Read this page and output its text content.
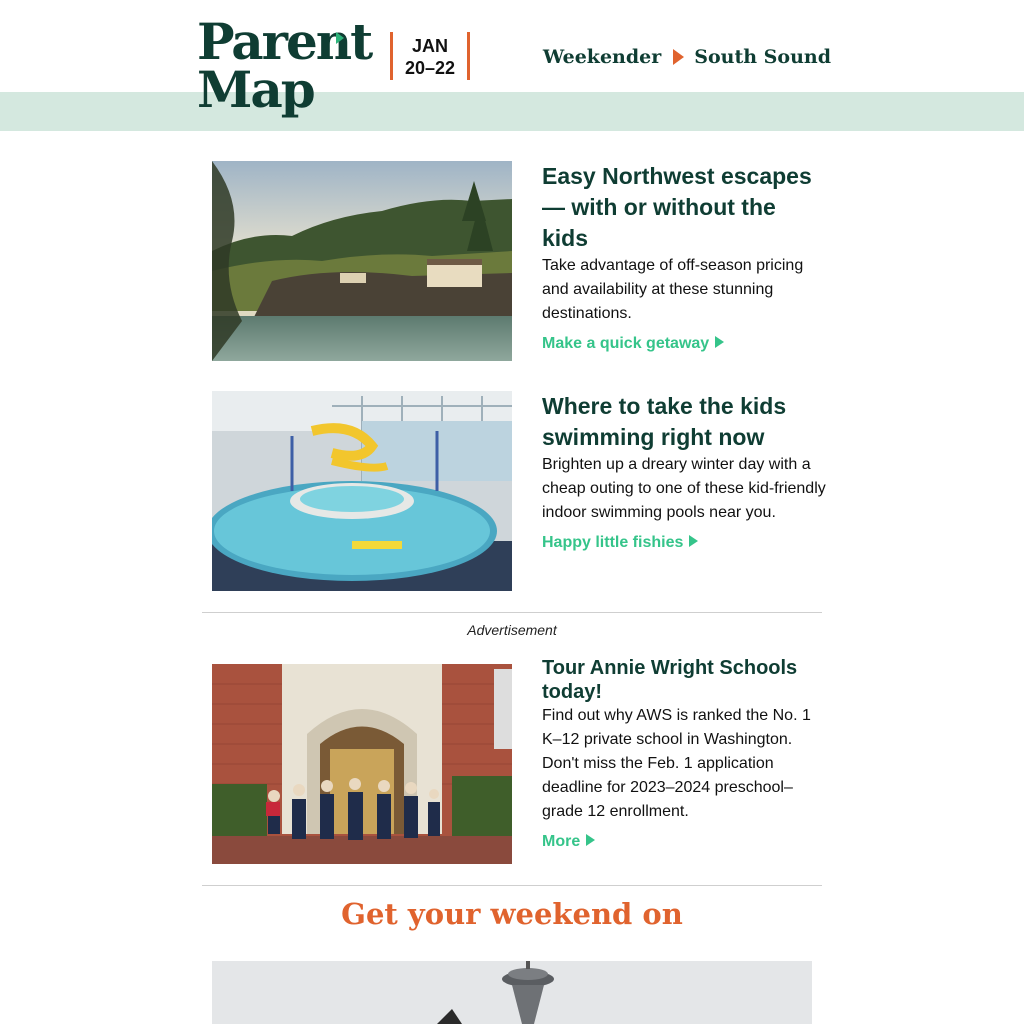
Parent
Map
JAN
20–22	Weekender South Sound
Easy Northwest escapes — with or without the kids

Take advantage of off-season pricing and availability at these stunning destinations.

Make a quick getaway
Where to take the kids swimming right now

Brighten up a dreary winter day with a cheap outing to one of these kid-friendly indoor swimming pools near you.

Happy little fishies
Advertisement
Tour Annie Wright Schools today!

Find out why AWS is ranked the No. 1 K–12 private school in Washington. Don't miss the Feb. 1 application deadline for 2023–2024 preschool–grade 12 enrollment.

More
Get your weekend on
